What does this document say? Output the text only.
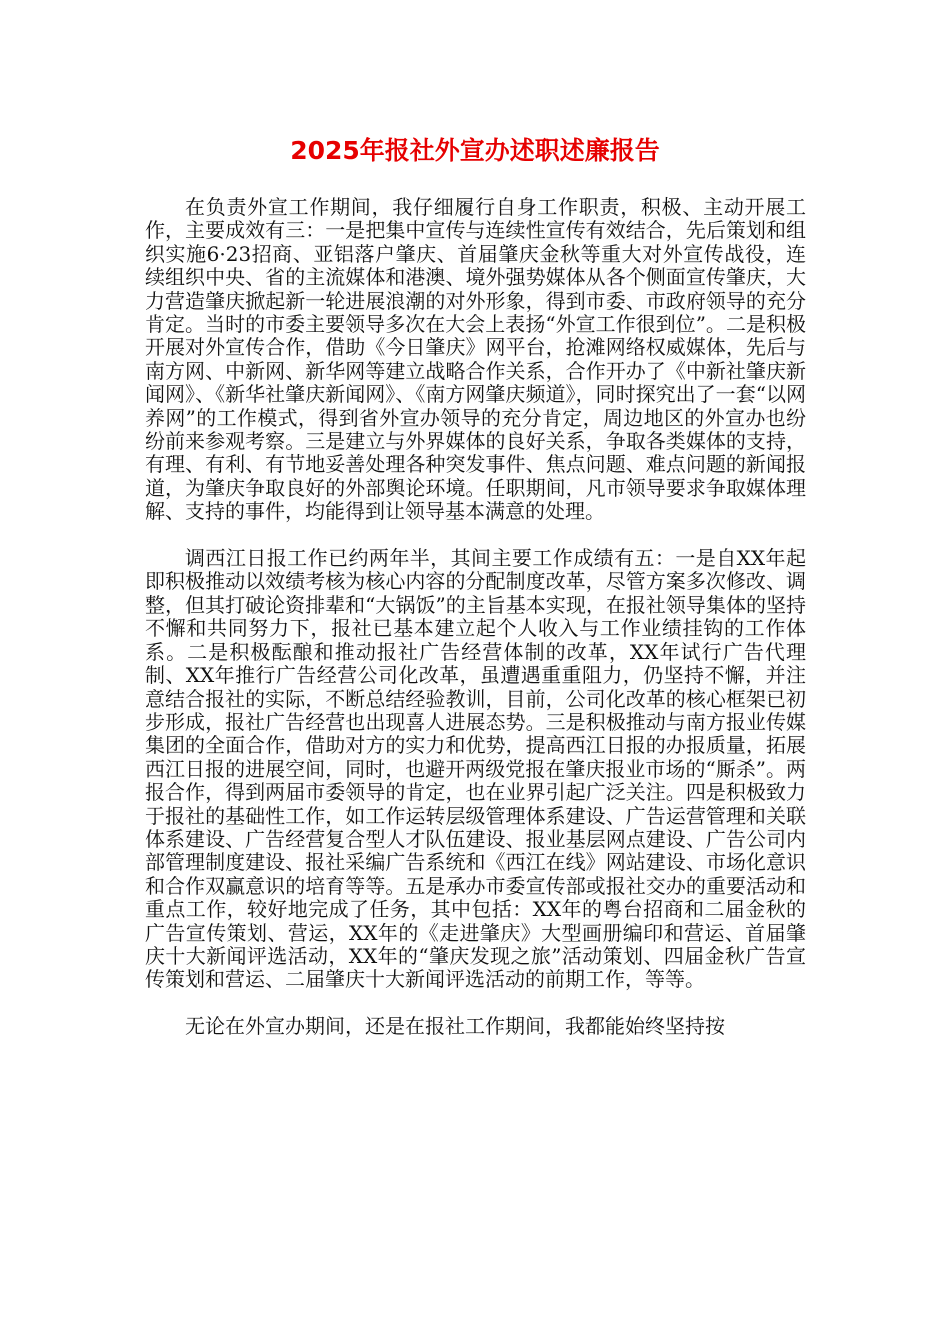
2025年报社外宣办述职述廉报告

在负责外宣工作期间，我仔细履行自身工作职责，积极、主动开展工作，主要成效有三：一是把集中宣传与连续性宣传有效结合，先后策划和组织实施6·23招商、亚铝落户肇庆、首届肇庆金秋等重大对外宣传战役，连续组织中央、省的主流媒体和港澳、境外强势媒体从各个侧面宣传肇庆，大力营造肇庆掀起新一轮进展浪潮的对外形象，得到市委、市政府领导的充分肯定。当时的市委主要领导多次在大会上表扬“外宣工作很到位”。二是积极开展对外宣传合作，借助《今日肇庆》网平台，抢滩网络权威媒体，先后与南方网、中新网、新华网等建立战略合作关系，合作开办了《中新社肇庆新闻网》、《新华社肇庆新闻网》、《南方网肇庆频道》，同时探究出了一套“以网养网”的工作模式，得到省外宣办领导的充分肯定，周边地区的外宣办也纷纷前来参观考察。三是建立与外界媒体的良好关系，争取各类媒体的支持，有理、有利、有节地妥善处理各种突发事件、焦点问题、难点问题的新闻报道，为肇庆争取良好的外部舆论环境。任职期间，凡市领导要求争取媒体理解、支持的事件，均能得到让领导基本满意的处理。

调西江日报工作已约两年半，其间主要工作成绩有五：一是自XX年起即积极推动以效绩考核为核心内容的分配制度改革，尽管方案多次修改、调整，但其打破论资排辈和“大锅饭”的主旨基本实现，在报社领导集体的坚持不懈和共同努力下，报社已基本建立起个人收入与工作业绩挂钩的工作体系。二是积极酝酿和推动报社广告经营体制的改革，XX年试行广告代理制、XX年推行广告经营公司化改革，虽遭遇重重阻力，仍坚持不懈，并注意结合报社的实际，不断总结经验教训，目前，公司化改革的核心框架已初步形成，报社广告经营也出现喜人进展态势。三是积极推动与南方报业传媒集团的全面合作，借助对方的实力和优势，提高西江日报的办报质量，拓展西江日报的进展空间，同时，也避开两级党报在肇庆报业市场的“厮杀”。两报合作，得到两届市委领导的肯定，也在业界引起广泛关注。四是积极致力于报社的基础性工作，如工作运转层级管理体系建设、广告运营管理和关联体系建设、广告经营复合型人才队伍建设、报业基层网点建设、广告公司内部管理制度建设、报社采编广告系统和《西江在线》网站建设、市场化意识和合作双赢意识的培育等等。五是承办市委宣传部或报社交办的重要活动和重点工作，较好地完成了任务，其中包括：XX年的粤台招商和二届金秋的广告宣传策划、营运，XX年的《走进肇庆》大型画册编印和营运、首届肇庆十大新闻评选活动，XX年的“肇庆发现之旅”活动策划、四届金秋广告宣传策划和营运、二届肇庆十大新闻评选活动的前期工作，等等。

无论在外宣办期间，还是在报社工作期间，我都能始终坚持按
